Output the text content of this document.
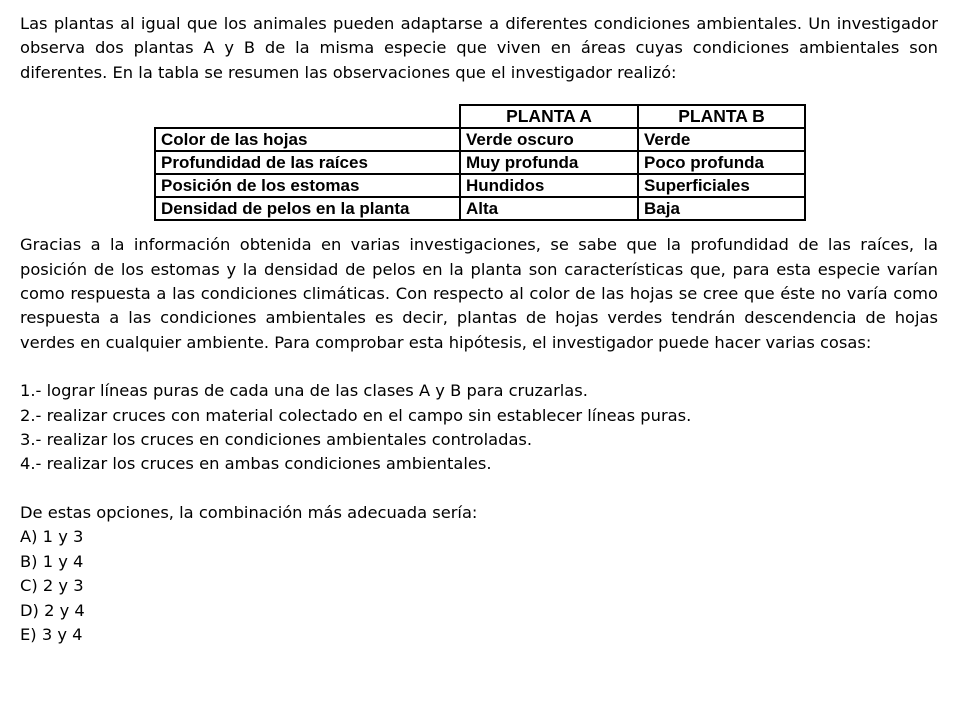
Las plantas al igual que los animales pueden adaptarse a diferentes condiciones ambientales. Un investigador observa dos plantas A y B de la misma especie que viven en áreas cuyas condiciones ambientales son diferentes. En la tabla se resumen las observaciones que el investigador realizó:

	PLANTA A	PLANTA B
Color de las hojas	Verde oscuro	Verde
Profundidad de las raíces	Muy profunda	Poco profunda
Posición de los estomas	Hundidos	Superficiales
Densidad de pelos en la planta	Alta	Baja

Gracias a la información obtenida en varias investigaciones, se sabe que la profundidad de las raíces, la posición de los estomas y la densidad de pelos en la planta son características que, para esta especie varían como respuesta a las condiciones climáticas. Con respecto al color de las hojas se cree que éste no varía como respuesta a las condiciones ambientales es decir, plantas de hojas verdes tendrán descendencia de hojas verdes en cualquier ambiente. Para comprobar esta hipótesis, el investigador puede hacer varias cosas:

1.- lograr líneas puras de cada una de las clases A y B para cruzarlas.
2.- realizar cruces con material colectado en el campo sin establecer líneas puras.
3.- realizar los cruces en condiciones ambientales controladas.
4.- realizar los cruces en ambas condiciones ambientales.
De estas opciones, la combinación más adecuada sería:
A) 1 y 3
B) 1 y 4
C) 2 y 3
D) 2 y 4
E) 3 y 4
